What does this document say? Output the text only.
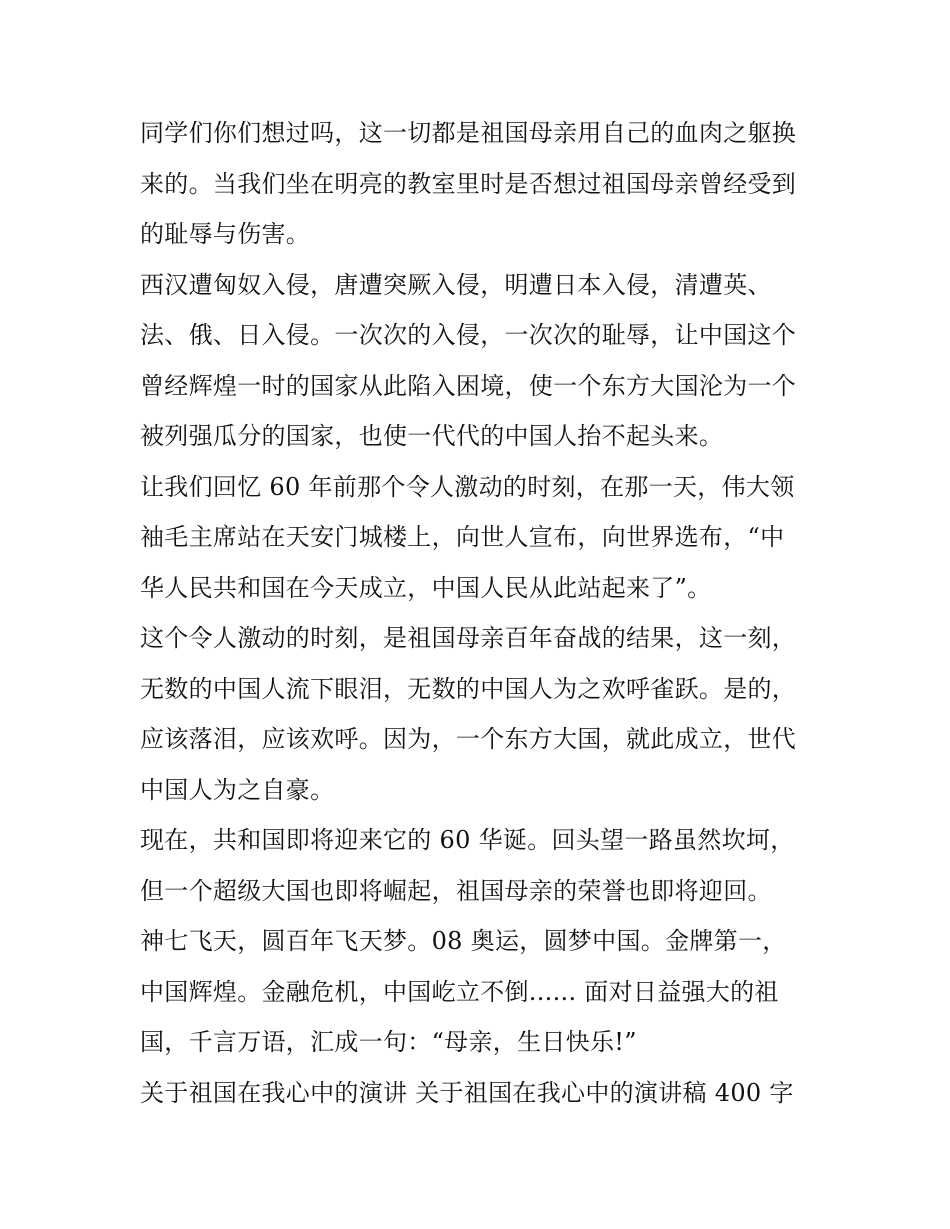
同学们你们想过吗，这一切都是祖国母亲用自己的血肉之躯换
来的。当我们坐在明亮的教室里时是否想过祖国母亲曾经受到
的耻辱与伤害。
西汉遭匈奴入侵，唐遭突厥入侵，明遭日本入侵，清遭英、
法、俄、日入侵。一次次的入侵，一次次的耻辱，让中国这个
曾经辉煌一时的国家从此陷入困境，使一个东方大国沦为一个
被列强瓜分的国家，也使一代代的中国人抬不起头来。
让我们回忆 60 年前那个令人激动的时刻，在那一天，伟大领
袖毛主席站在天安门城楼上，向世人宣布，向世界选布，“中
华人民共和国在今天成立，中国人民从此站起来了”。
这个令人激动的时刻，是祖国母亲百年奋战的结果，这一刻，
无数的中国人流下眼泪，无数的中国人为之欢呼雀跃。是的，
应该落泪，应该欢呼。因为，一个东方大国，就此成立，世代
中国人为之自豪。
现在，共和国即将迎来它的 60 华诞。回头望一路虽然坎坷，
但一个超级大国也即将崛起，祖国母亲的荣誉也即将迎回。
神七飞天，圆百年飞天梦。08 奥运，圆梦中国。金牌第一，
中国辉煌。金融危机，中国屹立不倒...... 面对日益强大的祖
国，千言万语，汇成一句：“母亲，生日快乐!”
关于祖国在我心中的演讲 关于祖国在我心中的演讲稿 400 字
